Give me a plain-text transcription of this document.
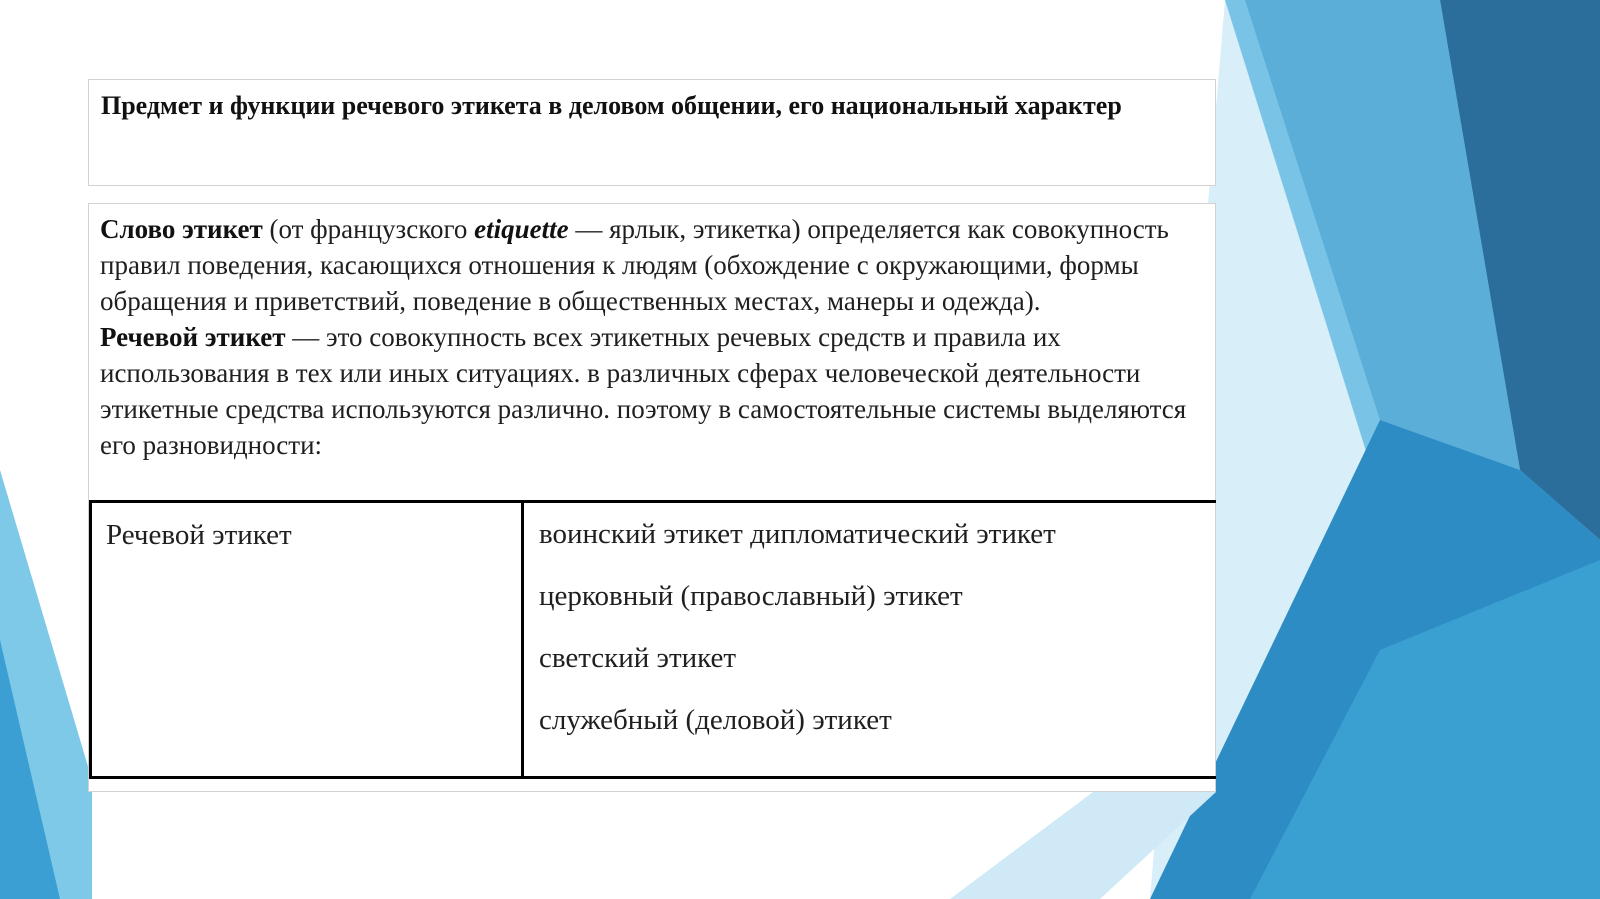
Предмет и функции речевого этикета в деловом общении, его национальный характер
Слово этикет (от французского etiquette — ярлык, этикетка) определяется как совокупность правил поведения, касающихся отношения к людям (обхождение с окружающими, формы обращения и приветствий, поведение в общественных местах, манеры и одежда).
Речевой этикет — это совокупность всех этикетных речевых средств и правила их использования в тех или иных ситуациях. в различных сферах человеческой деятельности этикетные средства используются различно. поэтому в самостоятельные системы выделяются его разновидности:
Речевой этикет	воинский этикет дипломатический этикет
церковный (православный) этикет
светский этикет
служебный (деловой) этикет
